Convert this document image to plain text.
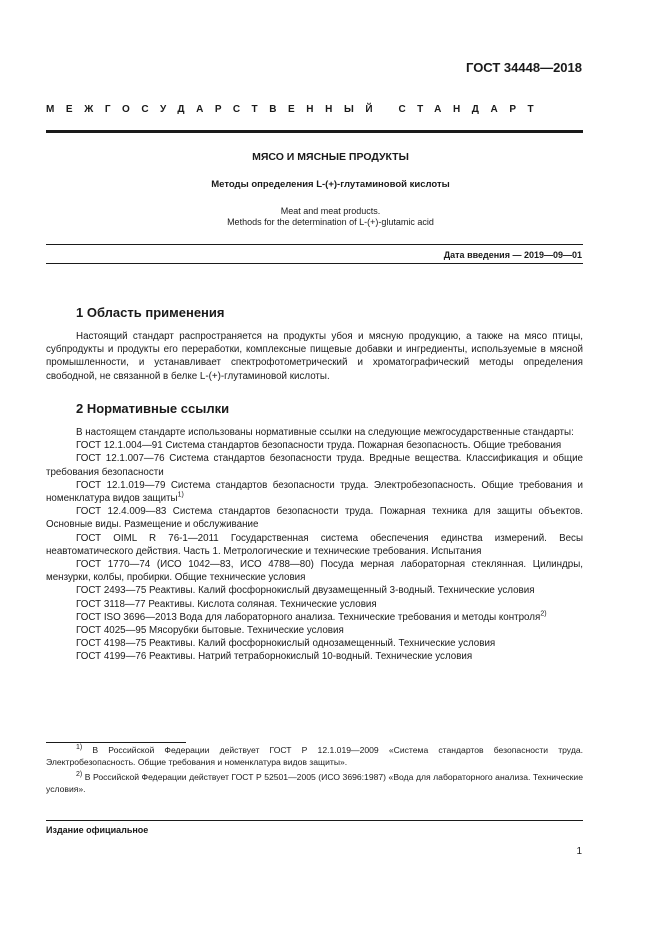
ГОСТ 34448—2018
МЕЖГОСУДАРСТВЕННЫЙ СТАНДАРТ
МЯСО И МЯСНЫЕ ПРОДУКТЫ
Методы определения L-(+)-глутаминовой кислоты
Meat and meat products.
Methods for the determination of L-(+)-glutamic acid
Дата введения — 2019—09—01
1 Область применения

Настоящий стандарт распространяется на продукты убоя и мясную продукцию, а также на мясо птицы, субпродукты и продукты его переработки, комплексные пищевые добавки и ингредиенты, используемые в мясной промышленности, и устанавливает спектрофотометрический и хроматографический методы определения свободной, не связанной в белке L-(+)-глутаминовой кислоты.

2 Нормативные ссылки

В настоящем стандарте использованы нормативные ссылки на следующие межгосударственные стандарты:

ГОСТ 12.1.004—91 Система стандартов безопасности труда. Пожарная безопасность. Общие требования

ГОСТ 12.1.007—76 Система стандартов безопасности труда. Вредные вещества. Классификация и общие требования безопасности

ГОСТ 12.1.019—79 Система стандартов безопасности труда. Электробезопасность. Общие требования и номенклатура видов защиты$^{1)}$

ГОСТ 12.4.009—83 Система стандартов безопасности труда. Пожарная техника для защиты объектов. Основные виды. Размещение и обслуживание

ГОСТ OIML R 76-1—2011 Государственная система обеспечения единства измерений. Весы неавтоматического действия. Часть 1. Метрологические и технические требования. Испытания

ГОСТ 1770—74 (ИСО 1042—83, ИСО 4788—80) Посуда мерная лабораторная стеклянная. Цилиндры, мензурки, колбы, пробирки. Общие технические условия

ГОСТ 2493—75 Реактивы. Калий фосфорнокислый двузамещенный 3-водный. Технические условия

ГОСТ 3118—77 Реактивы. Кислота соляная. Технические условия

ГОСТ ISO 3696—2013 Вода для лабораторного анализа. Технические требования и методы контроля$^{2)}$

ГОСТ 4025—95 Мясорубки бытовые. Технические условия

ГОСТ 4198—75 Реактивы. Калий фосфорнокислый однозамещенный. Технические условия

ГОСТ 4199—76 Реактивы. Натрий тетраборнокислый 10-водный. Технические условия

$^{1)}$ В Российской Федерации действует ГОСТ Р 12.1.019—2009 «Система стандартов безопасности труда. Электробезопасность. Общие требования и номенклатура видов защиты».

$^{2)}$ В Российской Федерации действует ГОСТ Р 52501—2005 (ИСО 3696:1987) «Вода для лабораторного анализа. Технические условия».

Издание официальное
1
